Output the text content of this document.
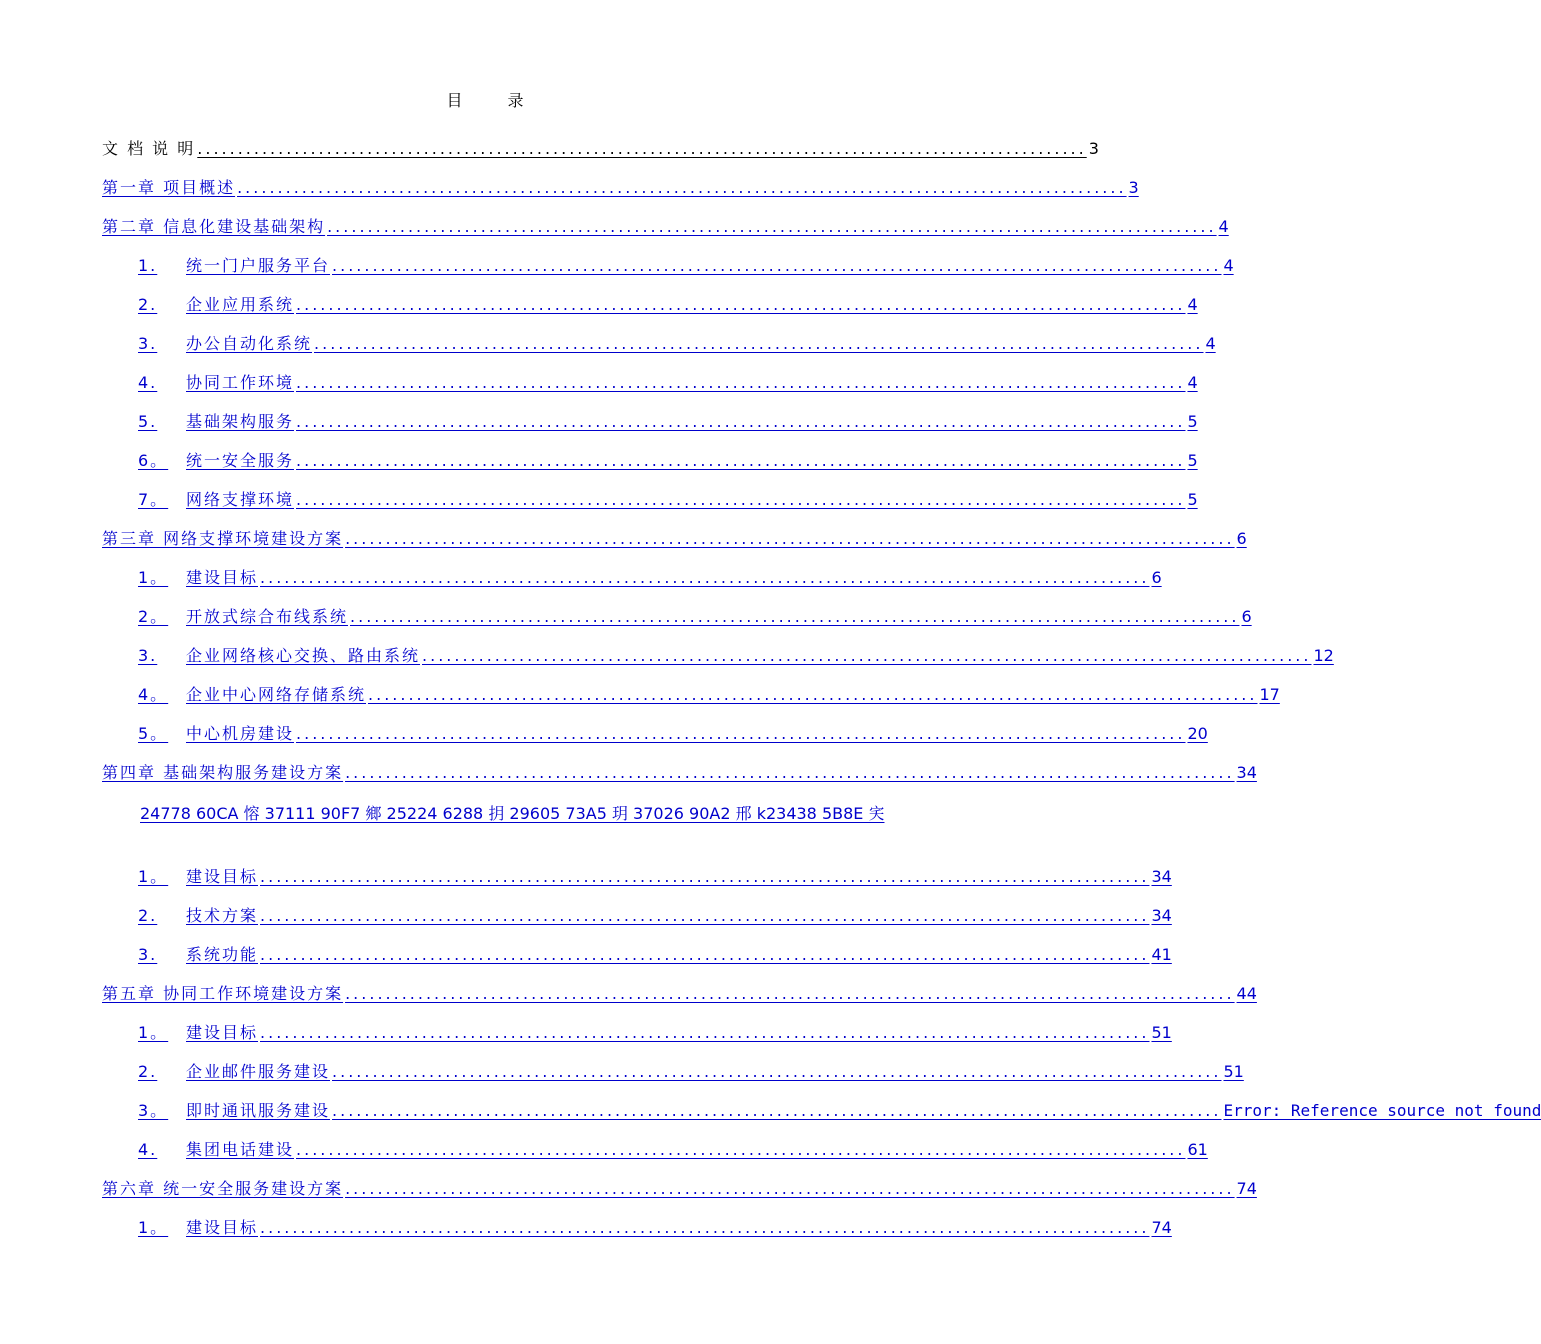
目 录
文 档 说 明 .............................................................................................................. 3
第一章 项目概述 .............................................................................................................. 3
第二章 信息化建设基础架构 .............................................................................................................. 4
1.	统一门户服务平台 .............................................................................................................. 4
2.	企业应用系统 .............................................................................................................. 4
3.	办公自动化系统 .............................................................................................................. 4
4.	协同工作环境 .............................................................................................................. 4
5.	基础架构服务 .............................................................................................................. 5
6。	统一安全服务 .............................................................................................................. 5
7。	网络支撑环境 .............................................................................................................. 5
第三章 网络支撑环境建设方案 .............................................................................................................. 6
1。	建设目标 .............................................................................................................. 6
2。	开放式综合布线系统 .............................................................................................................. 6
3.	企业网络核心交换、路由系统 .............................................................................................................. 12
4。	企业中心网络存储系统 .............................................................................................................. 17
5。	中心机房建设 .............................................................................................................. 20
第四章 基础架构服务建设方案 .............................................................................................................. 34
1。	建设目标 .............................................................................................................. 34
2.	技术方案 .............................................................................................................. 34
3.	系统功能 .............................................................................................................. 41
第五章 协同工作环境建设方案 .............................................................................................................. 44
1。	建设目标 .............................................................................................................. 51
2.	企业邮件服务建设 .............................................................................................................. 51
3。	即时通讯服务建设 .............................................................................................................. Error: Reference source not found
4.	集团电话建设 .............................................................................................................. 61
第六章 统一安全服务建设方案 .............................................................................................................. 74
1。	建设目标 .............................................................................................................. 74
24778 60CA 愹 37111 90F7 鄉 25224 6288 抈 29605 73A5 玥 37026 90A2 邢 k23438 5B8E 宎
